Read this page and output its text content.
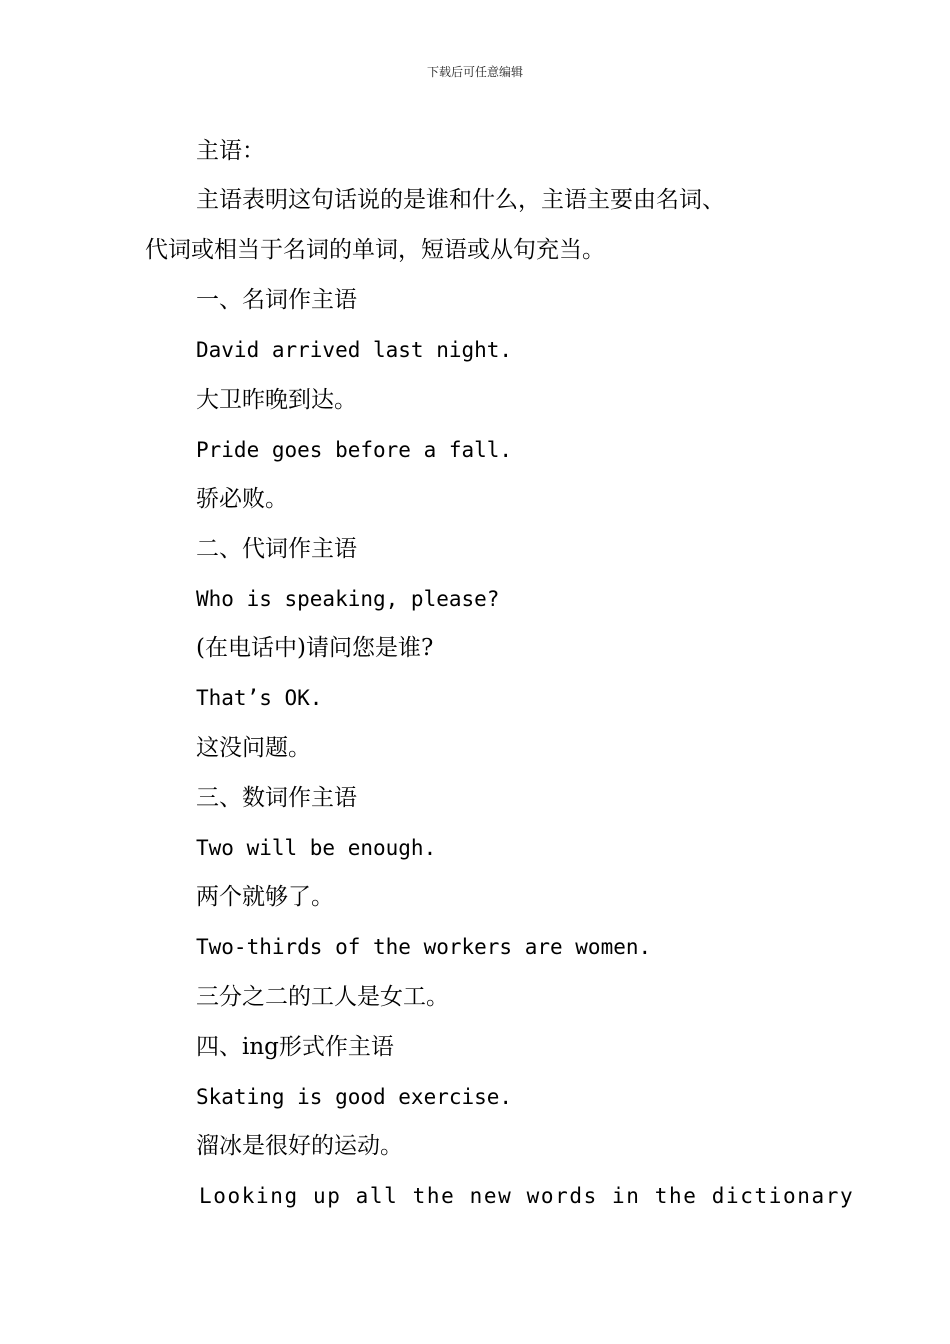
下载后可任意编辑
主语：
主语表明这句话说的是谁和什么，主语主要由名词、
代词或相当于名词的单词，短语或从句充当。
一、名词作主语
David arrived last night.
大卫昨晚到达。
Pride goes before a fall.
骄必败。
二、代词作主语
Who is speaking, please?
(在电话中)请问您是谁?
That’s OK.
这没问题。
三、数词作主语
Two will be enough.
两个就够了。
Two-thirds of the workers are women.
三分之二的工人是女工。
四、ing形式作主语
Skating is good exercise.
溜冰是很好的运动。
Looking up all the new words in the dictionary
